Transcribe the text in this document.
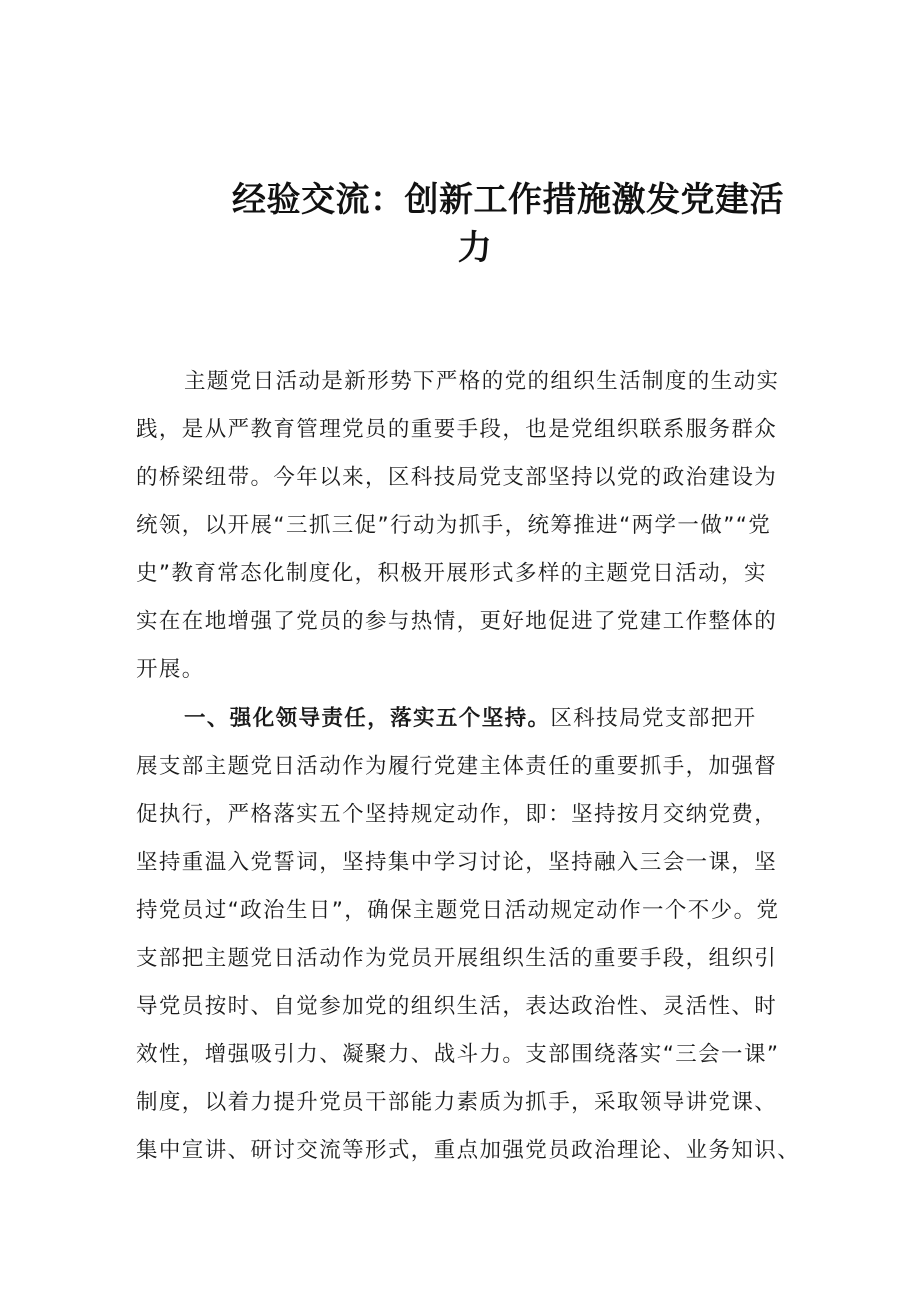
经验交流：创新工作措施激发党建活
力
主题党日活动是新形势下严格的党的组织生活制度的生动实
践，是从严教育管理党员的重要手段，也是党组织联系服务群众
的桥梁纽带。今年以来，区科技局党支部坚持以党的政治建设为
统领，以开展“三抓三促”行动为抓手，统筹推进“两学一做”“党
史”教育常态化制度化，积极开展形式多样的主题党日活动，实
实在在地增强了党员的参与热情，更好地促进了党建工作整体的
开展。
一、强化领导责任，落实五个坚持。区科技局党支部把开
展支部主题党日活动作为履行党建主体责任的重要抓手，加强督
促执行，严格落实五个坚持规定动作，即：坚持按月交纳党费，
坚持重温入党誓词，坚持集中学习讨论，坚持融入三会一课，坚
持党员过“政治生日”，确保主题党日活动规定动作一个不少。党
支部把主题党日活动作为党员开展组织生活的重要手段，组织引
导党员按时、自觉参加党的组织生活，表达政治性、灵活性、时
效性，增强吸引力、凝聚力、战斗力。支部围绕落实“三会一课”
制度，以着力提升党员干部能力素质为抓手，采取领导讲党课、
集中宣讲、研讨交流等形式，重点加强党员政治理论、业务知识、
